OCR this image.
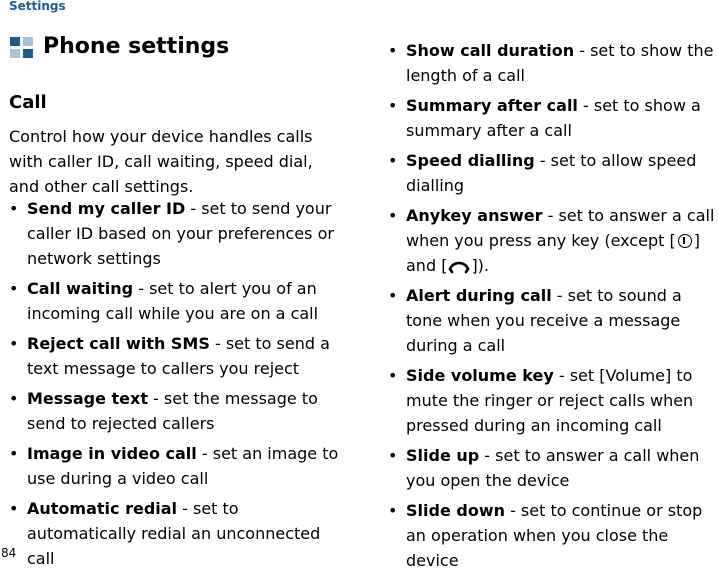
Settings
Phone settings
Call
Control how your device handles calls with caller ID, call waiting, speed dial, and other call settings.
• Send my caller ID - set to send your caller ID based on your preferences or network settings
• Call waiting - set to alert you of an incoming call while you are on a call
• Reject call with SMS - set to send a text message to callers you reject
• Message text - set the message to send to rejected callers
• Image in video call - set an image to use during a video call
• Automatic redial - set to automatically redial an unconnected call
• Show call duration - set to show the length of a call
• Summary after call - set to show a summary after a call
• Speed dialling - set to allow speed dialling
• Anykey answer - set to answer a call when you press any key (except [ ] and [ ]).
• Alert during call - set to sound a tone when you receive a message during a call
• Side volume key - set [Volume] to mute the ringer or reject calls when pressed during an incoming call
• Slide up - set to answer a call when you open the device
• Slide down - set to continue or stop an operation when you close the device
84
